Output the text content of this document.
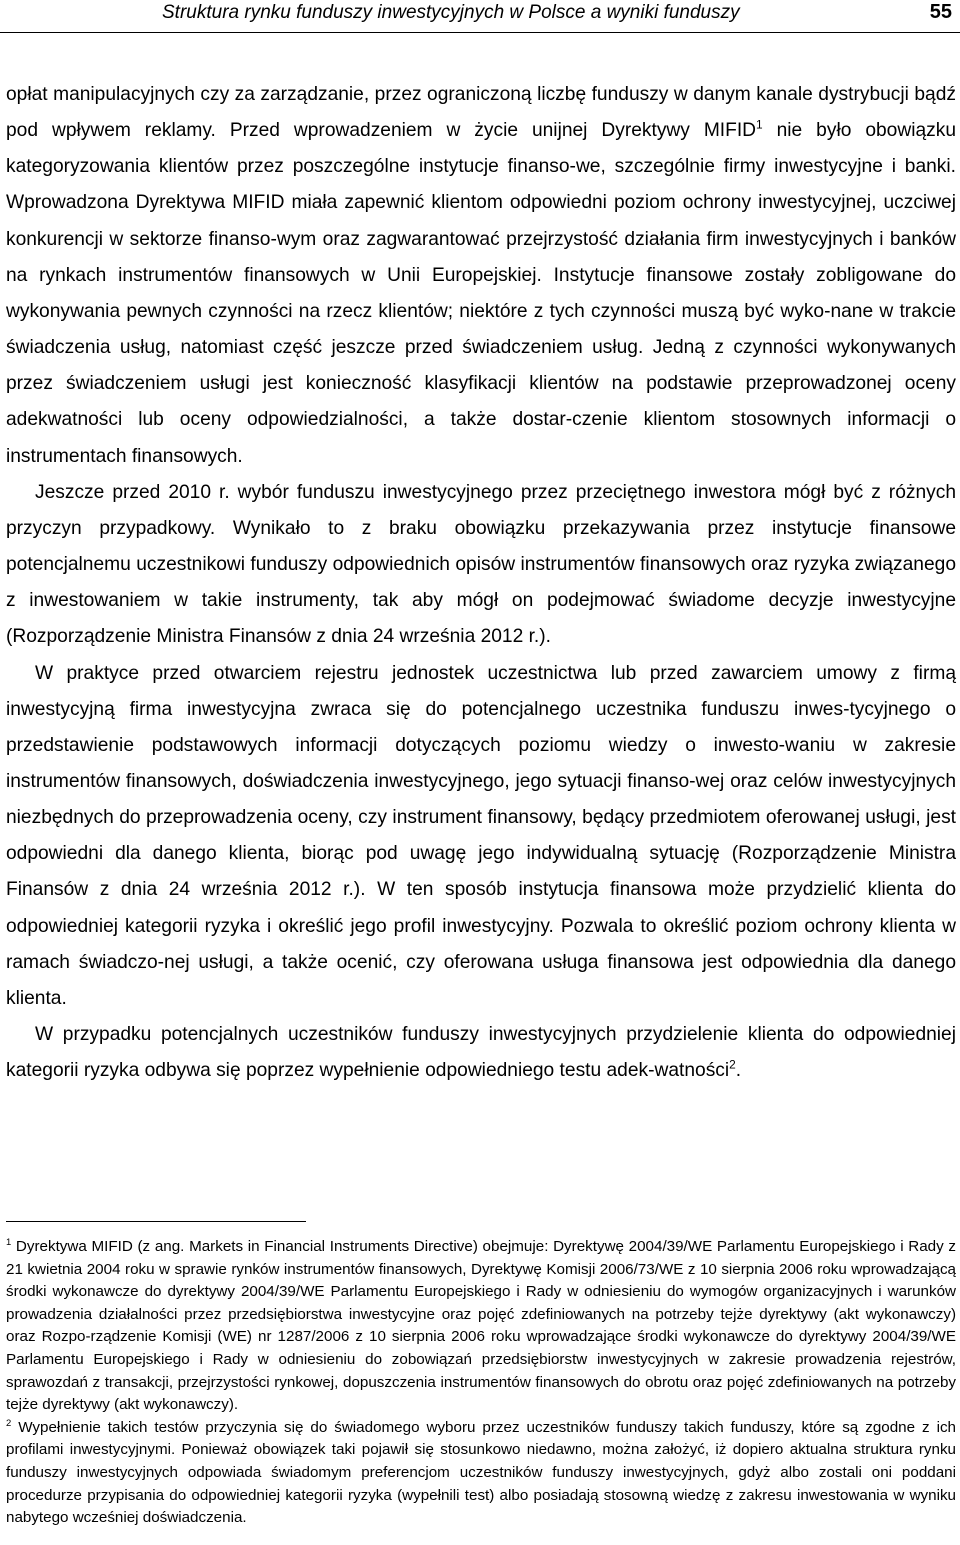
Struktura rynku funduszy inwestycyjnych w Polsce a wyniki funduszy	55

opłat manipulacyjnych czy za zarządzanie, przez ograniczoną liczbę funduszy w danym kanale dystrybucji bądź pod wpływem reklamy. Przed wprowadzeniem w życie unijnej Dyrektywy MIFID$^1$ nie było obowiązku kategoryzowania klientów przez poszczególne instytucje finanso-​we, szczególnie firmy inwestycyjne i banki. Wprowadzona Dyrektywa MIFID miała zapewnić klientom odpowiedni poziom ochrony inwestycyjnej, uczciwej konkurencji w sektorze finanso-​wym oraz zagwarantować przejrzystość działania firm inwestycyjnych i banków na rynkach instrumentów finansowych w Unii Europejskiej. Instytucje finansowe zostały zobligowane do wykonywania pewnych czynności na rzecz klientów; niektóre z tych czynności muszą być wyko-​nane w trakcie świadczenia usług, natomiast część jeszcze przed świadczeniem usług. Jedną z czynności wykonywanych przez świadczeniem usługi jest konieczność klasyfikacji klientów na podstawie przeprowadzonej oceny adekwatności lub oceny odpowiedzialności, a także dostar-​czenie klientom stosownych informacji o instrumentach finansowych.

Jeszcze przed 2010 r. wybór funduszu inwestycyjnego przez przeciętnego inwestora mógł być z różnych przyczyn przypadkowy. Wynikało to z braku obowiązku przekazywania przez instytucje finansowe potencjalnemu uczestnikowi funduszy odpowiednich opisów instrumentów finansowych oraz ryzyka związanego z inwestowaniem w takie instrumenty, tak aby mógł on podejmować świadome decyzje inwestycyjne (Rozporządzenie Ministra Finansów z dnia 24 września 2012 r.).

W praktyce przed otwarciem rejestru jednostek uczestnictwa lub przed zawarciem umowy z firmą inwestycyjną firma inwestycyjna zwraca się do potencjalnego uczestnika funduszu inwes-​tycyjnego o przedstawienie podstawowych informacji dotyczących poziomu wiedzy o inwesto-​waniu w zakresie instrumentów finansowych, doświadczenia inwestycyjnego, jego sytuacji finanso-​wej oraz celów inwestycyjnych niezbędnych do przeprowadzenia oceny, czy instrument finansowy, będący przedmiotem oferowanej usługi, jest odpowiedni dla danego klienta, biorąc pod uwagę jego indywidualną sytuację (Rozporządzenie Ministra Finansów z dnia 24 września 2012 r.). W ten sposób instytucja finansowa może przydzielić klienta do odpowiedniej kategorii ryzyka i określić jego profil inwestycyjny. Pozwala to określić poziom ochrony klienta w ramach świadczo-​nej usługi, a także ocenić, czy oferowana usługa finansowa jest odpowiednia dla danego klienta.

W przypadku potencjalnych uczestników funduszy inwestycyjnych przydzielenie klienta do odpowiedniej kategorii ryzyka odbywa się poprzez wypełnienie odpowiedniego testu adek-​watności$^2$.

$^1$ Dyrektywa MIFID (z ang. Markets in Financial Instruments Directive) obejmuje: Dyrektywę 2004/39/WE Parlamentu Europejskiego i Rady z 21 kwietnia 2004 roku w sprawie rynków instrumentów finansowych, Dyrektywę Komisji 2006/73/WE z 10 sierpnia 2006 roku wprowadzającą środki wykonawcze do dyrektywy 2004/39/WE Parlamentu Europejskiego i Rady w odniesieniu do wymogów organizacyjnych i warunków prowadzenia działalności przez przedsiębiorstwa inwestycyjne oraz pojęć zdefiniowanych na potrzeby tejże dyrektywy (akt wykonawczy) oraz Rozpo-​rządzenie Komisji (WE) nr 1287/2006 z 10 sierpnia 2006 roku wprowadzające środki wykonawcze do dyrektywy 2004/39/WE Parlamentu Europejskiego i Rady w odniesieniu do zobowiązań przedsiębiorstw inwestycyjnych w zakresie prowadzenia rejestrów, sprawozdań z transakcji, przejrzystości rynkowej, dopuszczenia instrumentów finansowych do obrotu oraz pojęć zdefiniowanych na potrzeby tejże dyrektywy (akt wykonawczy).

$^2$ Wypełnienie takich testów przyczynia się do świadomego wyboru przez uczestników funduszy takich funduszy, które są zgodne z ich profilami inwestycyjnymi. Ponieważ obowiązek taki pojawił się stosunkowo niedawno, można założyć, iż dopiero aktualna struktura rynku funduszy inwestycyjnych odpowiada świadomym preferencjom uczestników funduszy inwestycyjnych, gdyż albo zostali oni poddani procedurze przypisania do odpowiedniej kategorii ryzyka (wypełnili test) albo posiadają stosowną wiedzę z zakresu inwestowania w wyniku nabytego wcześniej doświadczenia.
